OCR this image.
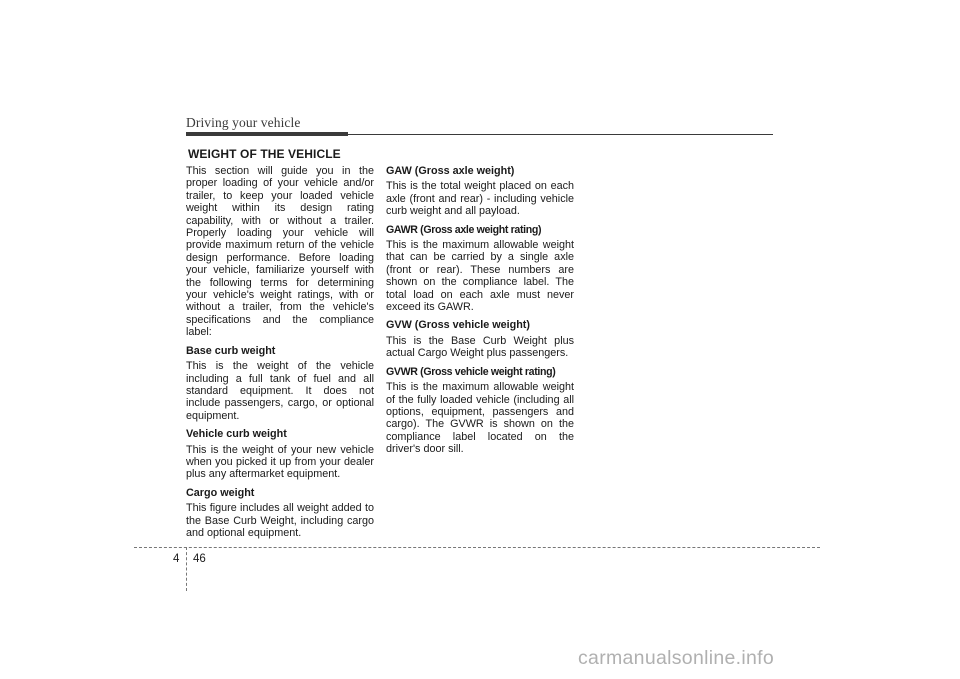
Driving your vehicle
WEIGHT OF THE VEHICLE

This section will guide you in the proper loading of your vehicle and/or trailer, to keep your loaded vehicle weight within its design rating capability, with or without a trailer. Properly loading your vehicle will provide maximum return of the vehicle design performance. Before loading your vehicle, familiarize yourself with the following terms for determining your vehicle's weight ratings, with or without a trailer, from the vehicle's specifications and the compliance label:

Base curb weight

This is the weight of the vehicle including a full tank of fuel and all standard equipment. It does not include passengers, cargo, or optional equipment.

Vehicle curb weight

This is the weight of your new vehicle when you picked it up from your dealer plus any aftermarket equipment.

Cargo weight

This figure includes all weight added to the Base Curb Weight, including cargo and optional equipment.

GAW (Gross axle weight)

This is the total weight placed on each axle (front and rear) - including vehicle curb weight and all payload.

GAWR (Gross axle weight rating)

This is the maximum allowable weight that can be carried by a single axle (front or rear). These numbers are shown on the compliance label. The total load on each axle must never exceed its GAWR.

GVW (Gross vehicle weight)

This is the Base Curb Weight plus actual Cargo Weight plus passengers.

GVWR (Gross vehicle weight rating)

This is the maximum allowable weight of the fully loaded vehicle (including all options, equipment, passengers and cargo). The GVWR is shown on the compliance label located on the driver's door sill.

4 46
carmanualsonline.info
